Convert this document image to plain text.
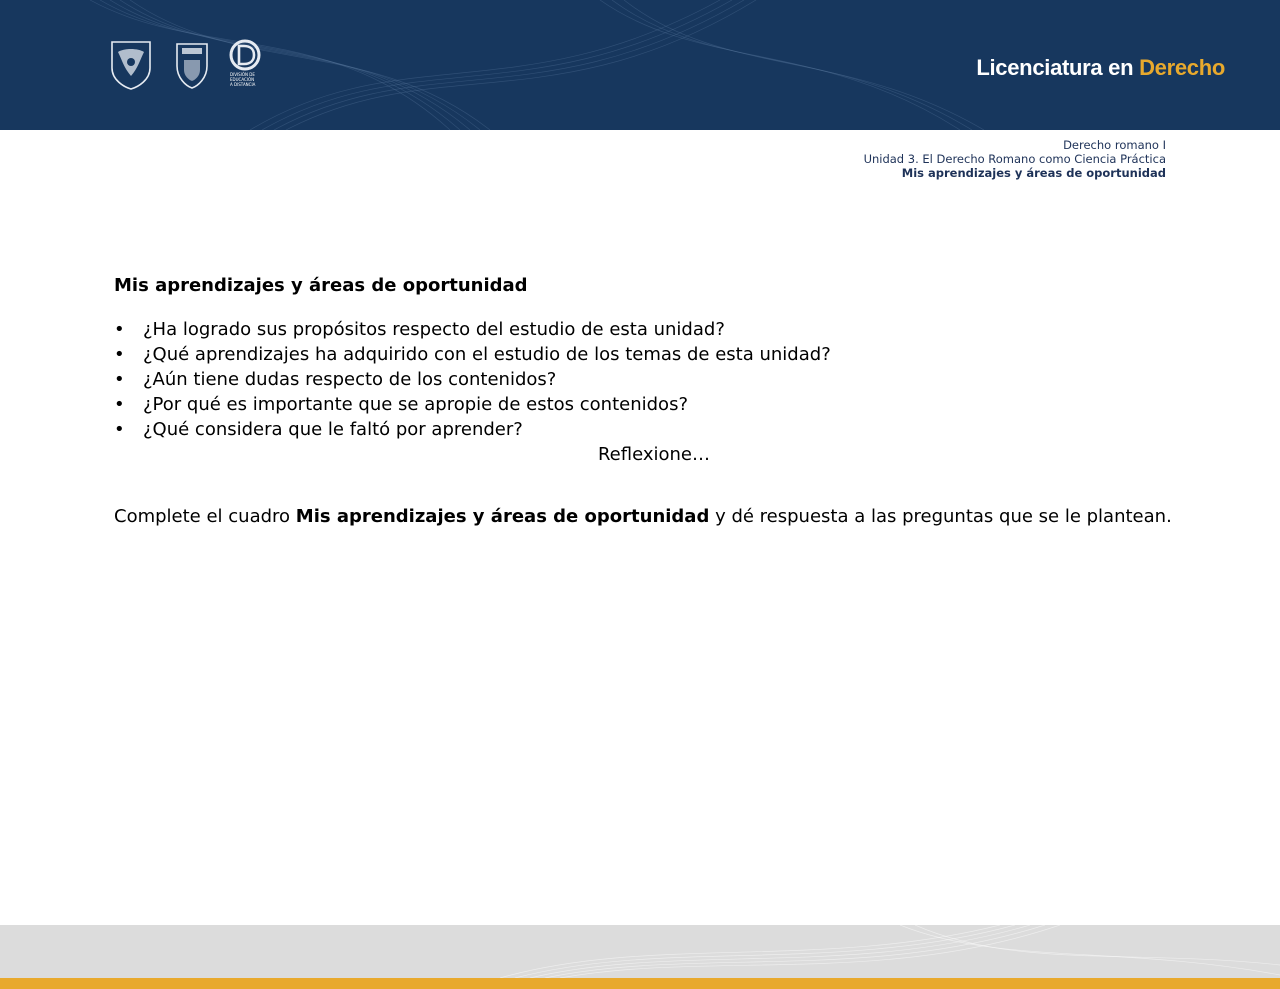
DIVISIÓN DE
EDUCACIÓN
A DISTANCIA
Licenciatura en Derecho
Derecho romano I
Unidad 3. El Derecho Romano como Ciencia Práctica
Mis aprendizajes y áreas de oportunidad
Mis aprendizajes y áreas de oportunidad
• ¿Ha logrado sus propósitos respecto del estudio de esta unidad?
• ¿Qué aprendizajes ha adquirido con el estudio de los temas de esta unidad?
• ¿Aún tiene dudas respecto de los contenidos?
• ¿Por qué es importante que se apropie de estos contenidos?
• ¿Qué considera que le faltó por aprender?
Reflexione…
Complete el cuadro Mis aprendizajes y áreas de oportunidad y dé respuesta a las preguntas que se le plantean.
